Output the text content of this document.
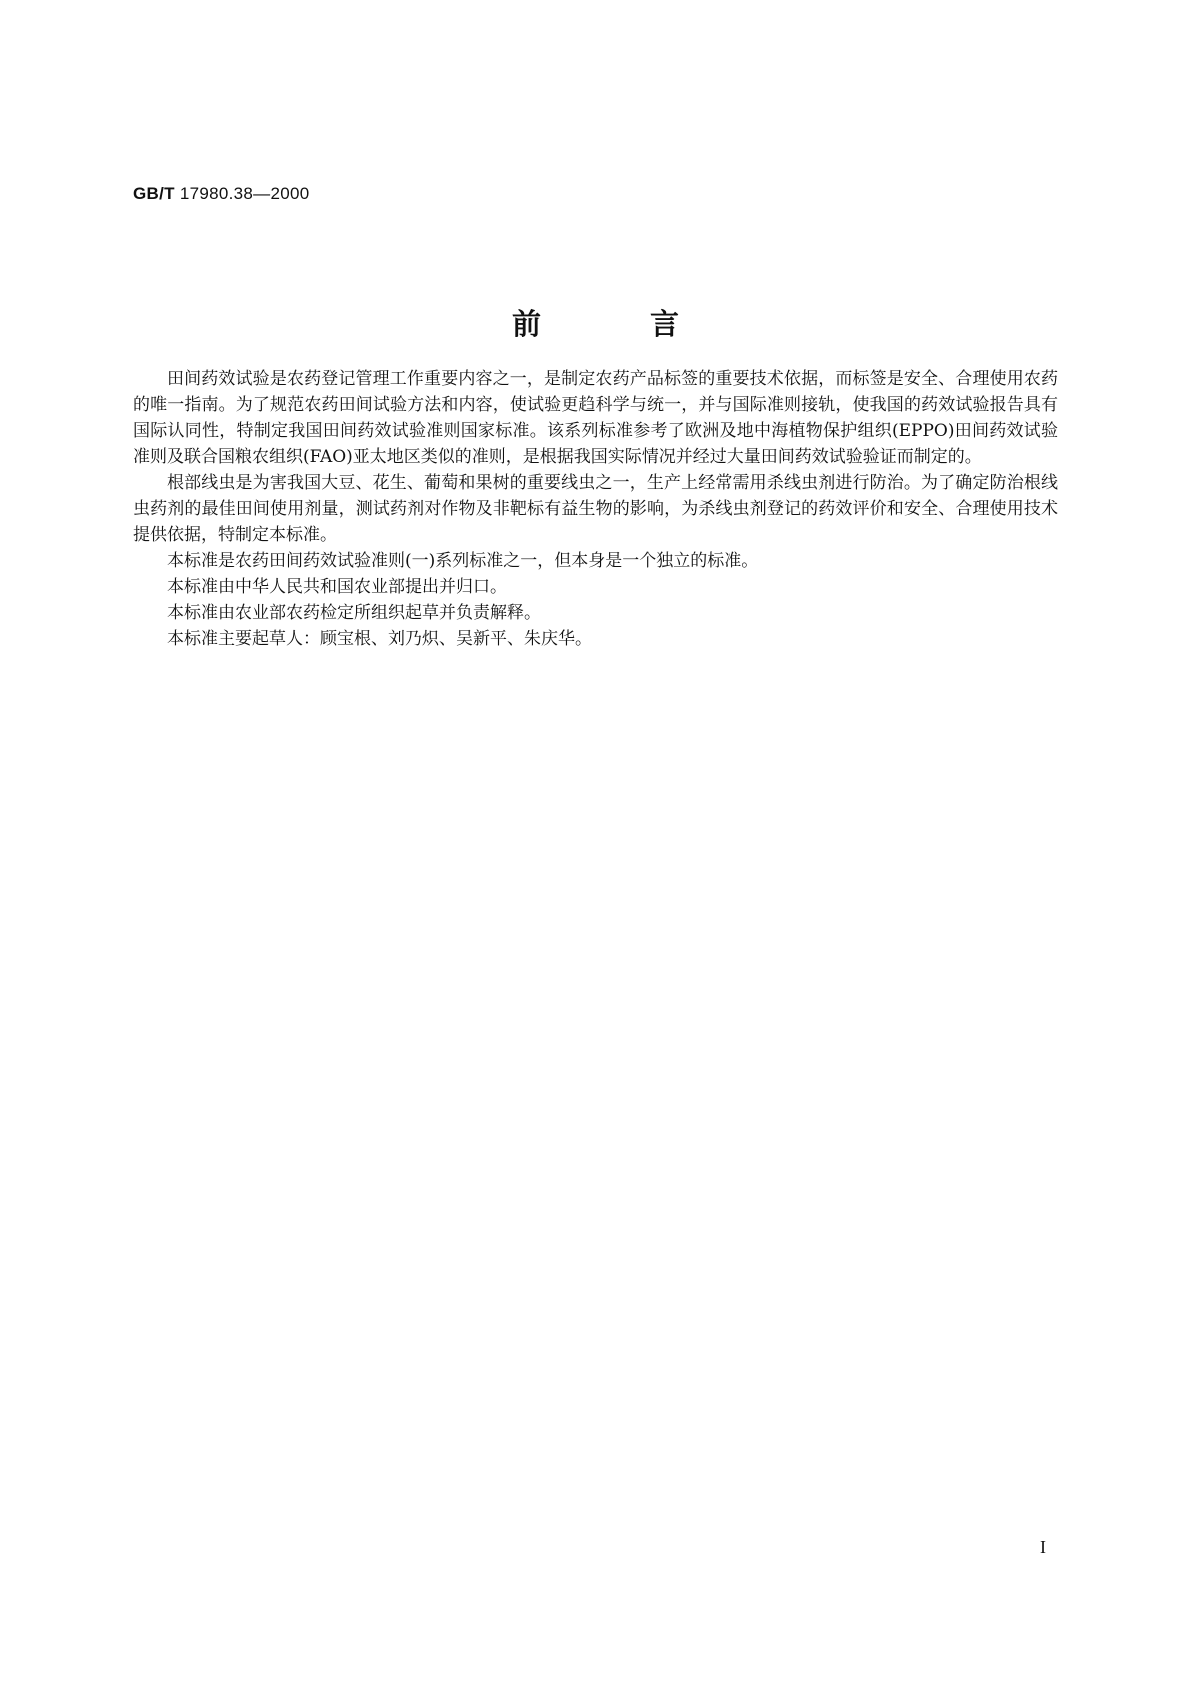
GB/T 17980.38—2000
前　言

田间药效试验是农药登记管理工作重要内容之一，是制定农药产品标签的重要技术依据，而标签是安全、合理使用农药的唯一指南。为了规范农药田间试验方法和内容，使试验更趋科学与统一，并与国际准则接轨，使我国的药效试验报告具有国际认同性，特制定我国田间药效试验准则国家标准。该系列标准参考了欧洲及地中海植物保护组织(EPPO)田间药效试验准则及联合国粮农组织(FAO)亚太地区类似的准则，是根据我国实际情况并经过大量田间药效试验验证而制定的。

根部线虫是为害我国大豆、花生、葡萄和果树的重要线虫之一，生产上经常需用杀线虫剂进行防治。为了确定防治根线虫药剂的最佳田间使用剂量，测试药剂对作物及非靶标有益生物的影响，为杀线虫剂登记的药效评价和安全、合理使用技术提供依据，特制定本标准。

本标准是农药田间药效试验准则(一)系列标准之一，但本身是一个独立的标准。

本标准由中华人民共和国农业部提出并归口。

本标准由农业部农药检定所组织起草并负责解释。

本标准主要起草人：顾宝根、刘乃炽、吴新平、朱庆华。

I
